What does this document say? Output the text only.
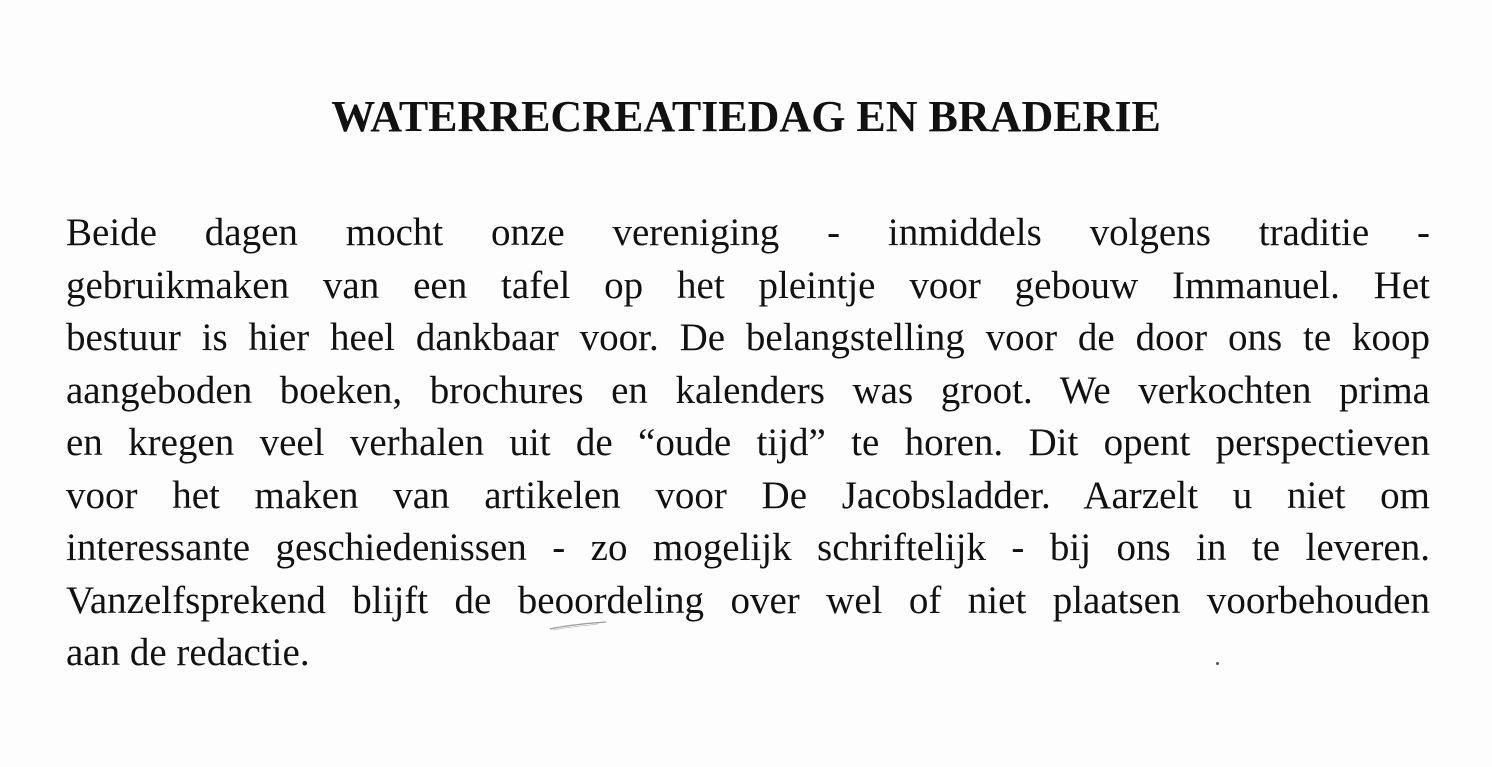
WATERRECREATIEDAG EN BRADERIE
Beide dagen mocht onze vereniging - inmiddels volgens traditie -
gebruikmaken van een tafel op het pleintje voor gebouw Immanuel. Het
bestuur is hier heel dankbaar voor. De belangstelling voor de door ons te koop
aangeboden boeken, brochures en kalenders was groot. We verkochten prima
en kregen veel verhalen uit de “oude tijd” te horen. Dit opent perspectieven
voor het maken van artikelen voor De Jacobsladder. Aarzelt u niet om
interessante geschiedenissen - zo mogelijk schriftelijk - bij ons in te leveren.
Vanzelfsprekend blijft de beoordeling over wel of niet plaatsen voorbehouden
aan de redactie.
